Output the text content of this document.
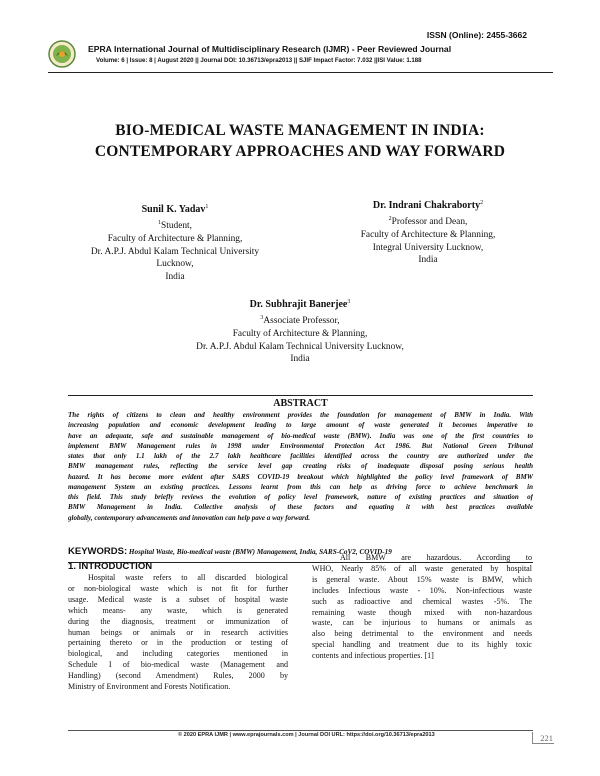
ISSN (Online): 2455-3662
EPRA International Journal of Multidisciplinary Research (IJMR) - Peer Reviewed Journal
Volume: 6 | Issue: 8 | August 2020 || Journal DOI: 10.36713/epra2013 || SJIF Impact Factor: 7.032 ||ISI Value: 1.188
BIO-MEDICAL WASTE MANAGEMENT IN INDIA:
CONTEMPORARY APPROACHES AND WAY FORWARD
Sunil K. Yadav$^1$
$^1$Student,
Faculty of Architecture & Planning,
Dr. A.P.J. Abdul Kalam Technical University
Lucknow,
India
Dr. Indrani Chakraborty$^2$
$^2$Professor and Dean,
Faculty of Architecture & Planning,
Integral University Lucknow,
India
Dr. Subhrajit Banerjee$^3$
$^3$Associate Professor,
Faculty of Architecture & Planning,
Dr. A.P.J. Abdul Kalam Technical University Lucknow,
India
ABSTRACT
The rights of citizens to clean and healthy environment provides the foundation for management of BMW in India. With
increasing population and economic development leading to large amount of waste generated it becomes imperative to
have an adequate, safe and sustainable management of bio-medical waste (BMW). India was one of the first countries to
implement BMW Management rules in 1998 under Environmental Protection Act 1986. But National Green Tribunal
states that only 1.1 lakh of the 2.7 lakh healthcare facilities identified across the country are authorized under the
BMW management rules, reflecting the service level gap creating risks of inadequate disposal posing serious health
hazard. It has become more evident after SARS COVID-19 breakout which highlighted the policy level framework of BMW
management System an existing practices. Lessons learnt from this can help as driving force to achieve benchmark in
this field. This study briefly reviews the evolution of policy level framework, nature of existing practices and situation of
BMW Management in India. Collective analysis of these factors and equating it with best practices available
globally, contemporary advancements and innovation can help pave a way forward.
KEYWORDS: Hospital Waste, Bio-medical waste (BMW) Management, India, SARS-CoV2, COVID-19
1. INTRODUCTION
Hospital waste refers to all discarded biological
or non-biological waste which is not fit for further
usage. Medical waste is a subset of hospital waste
which means- any waste, which is generated
during the diagnosis, treatment or immunization of
human beings or animals or in research activities
pertaining thereto or in the production or testing of
biological, and including categories mentioned in
Schedule I of bio-medical waste (Management and
Handling) (second Amendment) Rules, 2000 by
Ministry of Environment and Forests Notification.
All BMW are hazardous. According to
WHO, Nearly 85% of all waste generated by hospital
is general waste. About 15% waste is BMW, which
includes Infectious waste - 10%. Non-infectious waste
such as radioactive and chemical wastes -5%. The
remaining waste though mixed with non-hazardous
waste, can be injurious to humans or animals as
also being detrimental to the environment and needs
special handling and treatment due to its highly toxic
contents and infectious properties. [1]
© 2020 EPRA IJMR | www.eprajournals.com | Journal DOI URL: https://doi.org/10.36713/epra2013	221
